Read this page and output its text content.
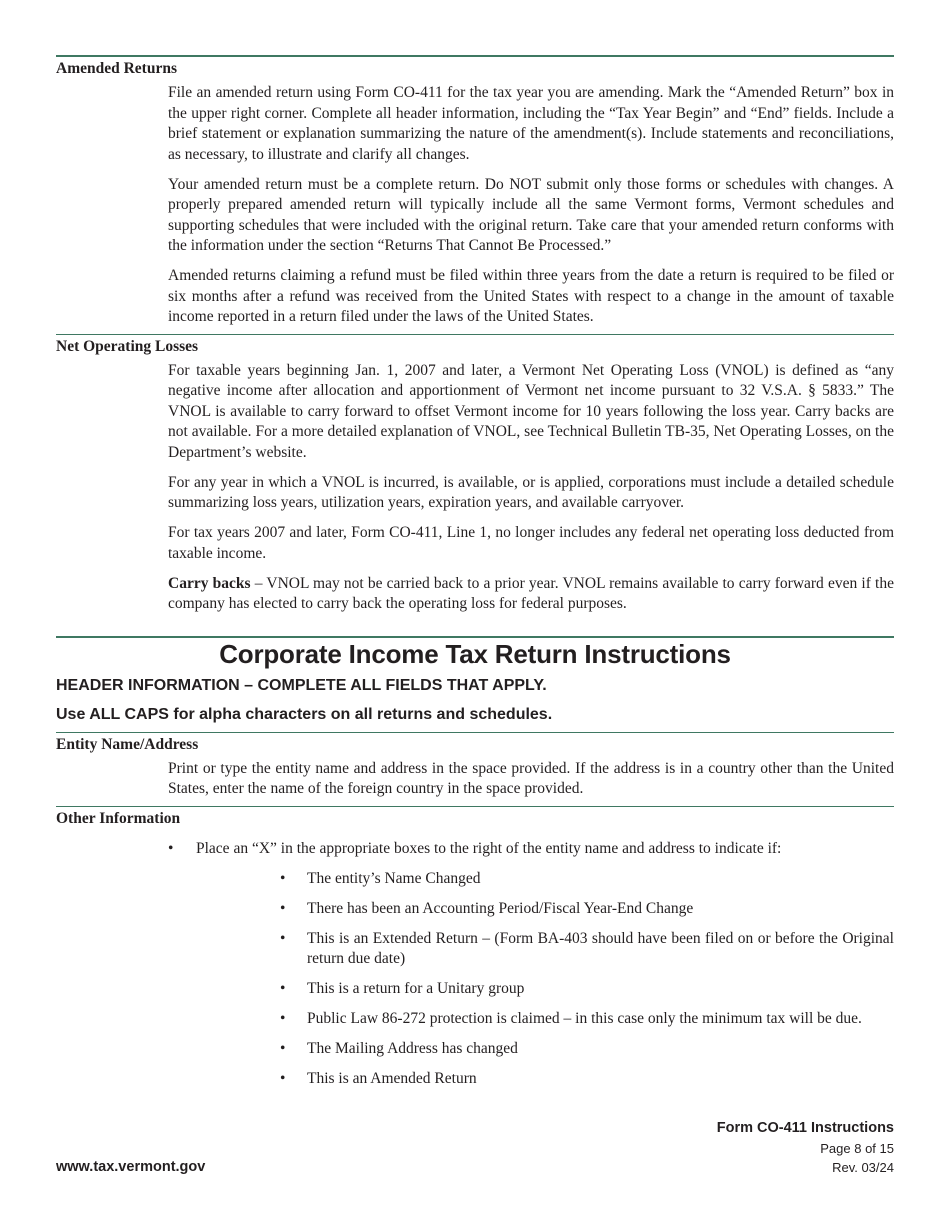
Amended Returns

File an amended return using Form CO-411 for the tax year you are amending. Mark the “Amended Return” box in the upper right corner. Complete all header information, including the “Tax Year Begin” and “End” fields. Include a brief statement or explanation summarizing the nature of the amendment(s). Include statements and reconciliations, as necessary, to illustrate and clarify all changes.

Your amended return must be a complete return. Do NOT submit only those forms or schedules with changes. A properly prepared amended return will typically include all the same Vermont forms, Vermont schedules and supporting schedules that were included with the original return. Take care that your amended return conforms with the information under the section “Returns That Cannot Be Processed.”

Amended returns claiming a refund must be filed within three years from the date a return is required to be filed or six months after a refund was received from the United States with respect to a change in the amount of taxable income reported in a return filed under the laws of the United States.

Net Operating Losses

For taxable years beginning Jan. 1, 2007 and later, a Vermont Net Operating Loss (VNOL) is defined as “any negative income after allocation and apportionment of Vermont net income pursuant to 32 V.S.A. § 5833.” The VNOL is available to carry forward to offset Vermont income for 10 years following the loss year. Carry backs are not available. For a more detailed explanation of VNOL, see Technical Bulletin TB-35, Net Operating Losses, on the Department’s website.

For any year in which a VNOL is incurred, is available, or is applied, corporations must include a detailed schedule summarizing loss years, utilization years, expiration years, and available carryover.

For tax years 2007 and later, Form CO-411, Line 1, no longer includes any federal net operating loss deducted from taxable income.

Carry backs – VNOL may not be carried back to a prior year. VNOL remains available to carry forward even if the company has elected to carry back the operating loss for federal purposes.

Corporate Income Tax Return Instructions
HEADER INFORMATION – COMPLETE ALL FIELDS THAT APPLY.
Use ALL CAPS for alpha characters on all returns and schedules.
Entity Name/Address

Print or type the entity name and address in the space provided. If the address is in a country other than the United States, enter the name of the foreign country in the space provided.

Other Information
• Place an “X” in the appropriate boxes to the right of the entity name and address to indicate if:
• The entity’s Name Changed
• There has been an Accounting Period/Fiscal Year-End Change
• This is an Extended Return – (Form BA-403 should have been filed on or before the Original return due date)
• This is a return for a Unitary group
• Public Law 86-272 protection is claimed – in this case only the minimum tax will be due.
• The Mailing Address has changed
• This is an Amended Return
Form CO-411 Instructions
Page 8 of 15
Rev. 03/24
www.tax.vermont.gov
